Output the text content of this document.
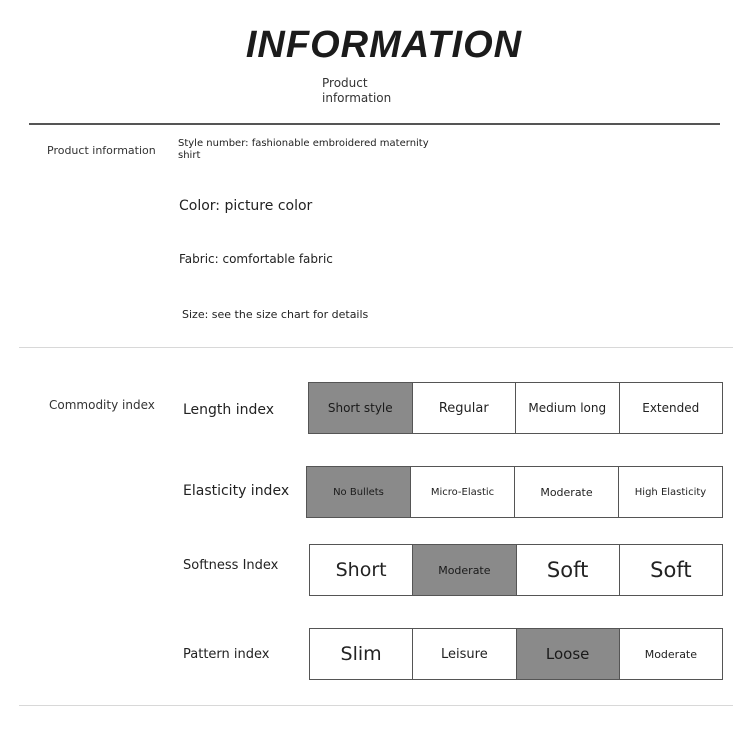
INFORMATION
Product information
Product information
Style number: fashionable embroidered maternity shirt
Color: picture color
Fabric: comfortable fabric
Size: see the size chart for details
Commodity index Length index	Short style	Regular	Medium long	Extended
Elasticity index	No Bullets	Micro-Elastic	Moderate	High Elasticity
Softness Index	Short	Moderate	Soft	Soft
Pattern index	Slim	Leisure	Loose	Moderate
